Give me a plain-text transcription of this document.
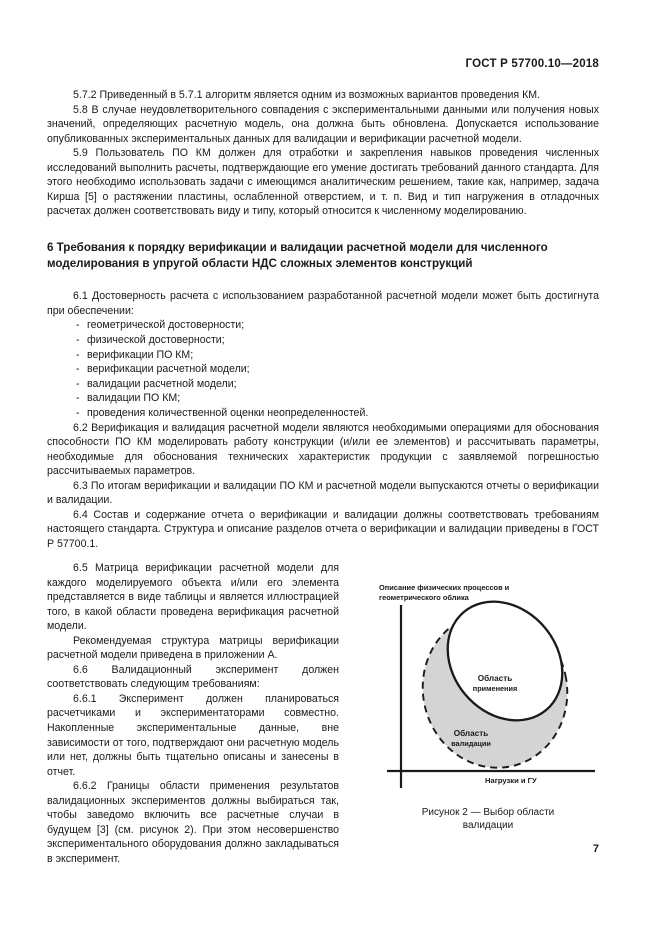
ГОСТ Р 57700.10—2018

5.7.2 Приведенный в 5.7.1 алгоритм является одним из возможных вариантов проведения КМ.

5.8 В случае неудовлетворительного совпадения с экспериментальными данными или получения новых значений, определяющих расчетную модель, она должна быть обновлена. Допускается использование опубликованных экспериментальных данных для валидации и верификации расчетной модели.

5.9 Пользователь ПО КМ должен для отработки и закрепления навыков проведения численных исследований выполнить расчеты, подтверждающие его умение достигать требований данного стандарта. Для этого необходимо использовать задачи с имеющимся аналитическим решением, такие как, например, задача Кирша [5] о растяжении пластины, ослабленной отверстием, и т. п. Вид и тип нагружения в отладочных расчетах должен соответствовать виду и типу, который относится к численному моделированию.

6 Требования к порядку верификации и валидации расчетной модели для численного моделирования в упругой области НДС сложных элементов конструкций

6.1 Достоверность расчета с использованием разработанной расчетной модели может быть достигнута при обеспечении:

- геометрической достоверности;
- физической достоверности;
- верификации ПО КМ;
- верификации расчетной модели;
- валидации расчетной модели;
- валидации ПО КМ;
- проведения количественной оценки неопределенностей.

6.2 Верификация и валидация расчетной модели являются необходимыми операциями для обоснования способности ПО КМ моделировать работу конструкции (и/или ее элементов) и рассчитывать параметры, необходимые для обоснования технических характеристик продукции с заявляемой погрешностью рассчитываемых параметров.

6.3 По итогам верификации и валидации ПО КМ и расчетной модели выпускаются отчеты о верификации и валидации.

6.4 Состав и содержание отчета о верификации и валидации должны соответствовать требованиям настоящего стандарта. Структура и описание разделов отчета о верификации и валидации приведены в ГОСТ Р 57700.1.

6.5 Матрица верификации расчетной модели для каждого моделируемого объекта и/или его элемента представляется в виде таблицы и является иллюстрацией того, в какой области проведена верификация расчетной модели.

Рекомендуемая структура матрицы верификации расчетной модели приведена в приложении А.

6.6 Валидационный эксперимент должен соответствовать следующим требованиям:

6.6.1 Эксперимент должен планироваться расчетчиками и экспериментаторами совместно. Накопленные экспериментальные данные, вне зависимости от того, подтверждают они расчетную модель или нет, должны быть тщательно описаны и занесены в отчет.

6.6.2 Границы области применения результатов валидационных экспериментов должны выбираться так, чтобы заведомо включить все расчетные случаи в будущем [3] (см. рисунок 2). При этом несовершенство экспериментального оборудования должно закладываться в эксперимент.

Описание физических процессов и геометрического облика
Нагрузки и ГУ
Область
применения
Область
валидации
Рисунок 2 — Выбор области
валидации
7
